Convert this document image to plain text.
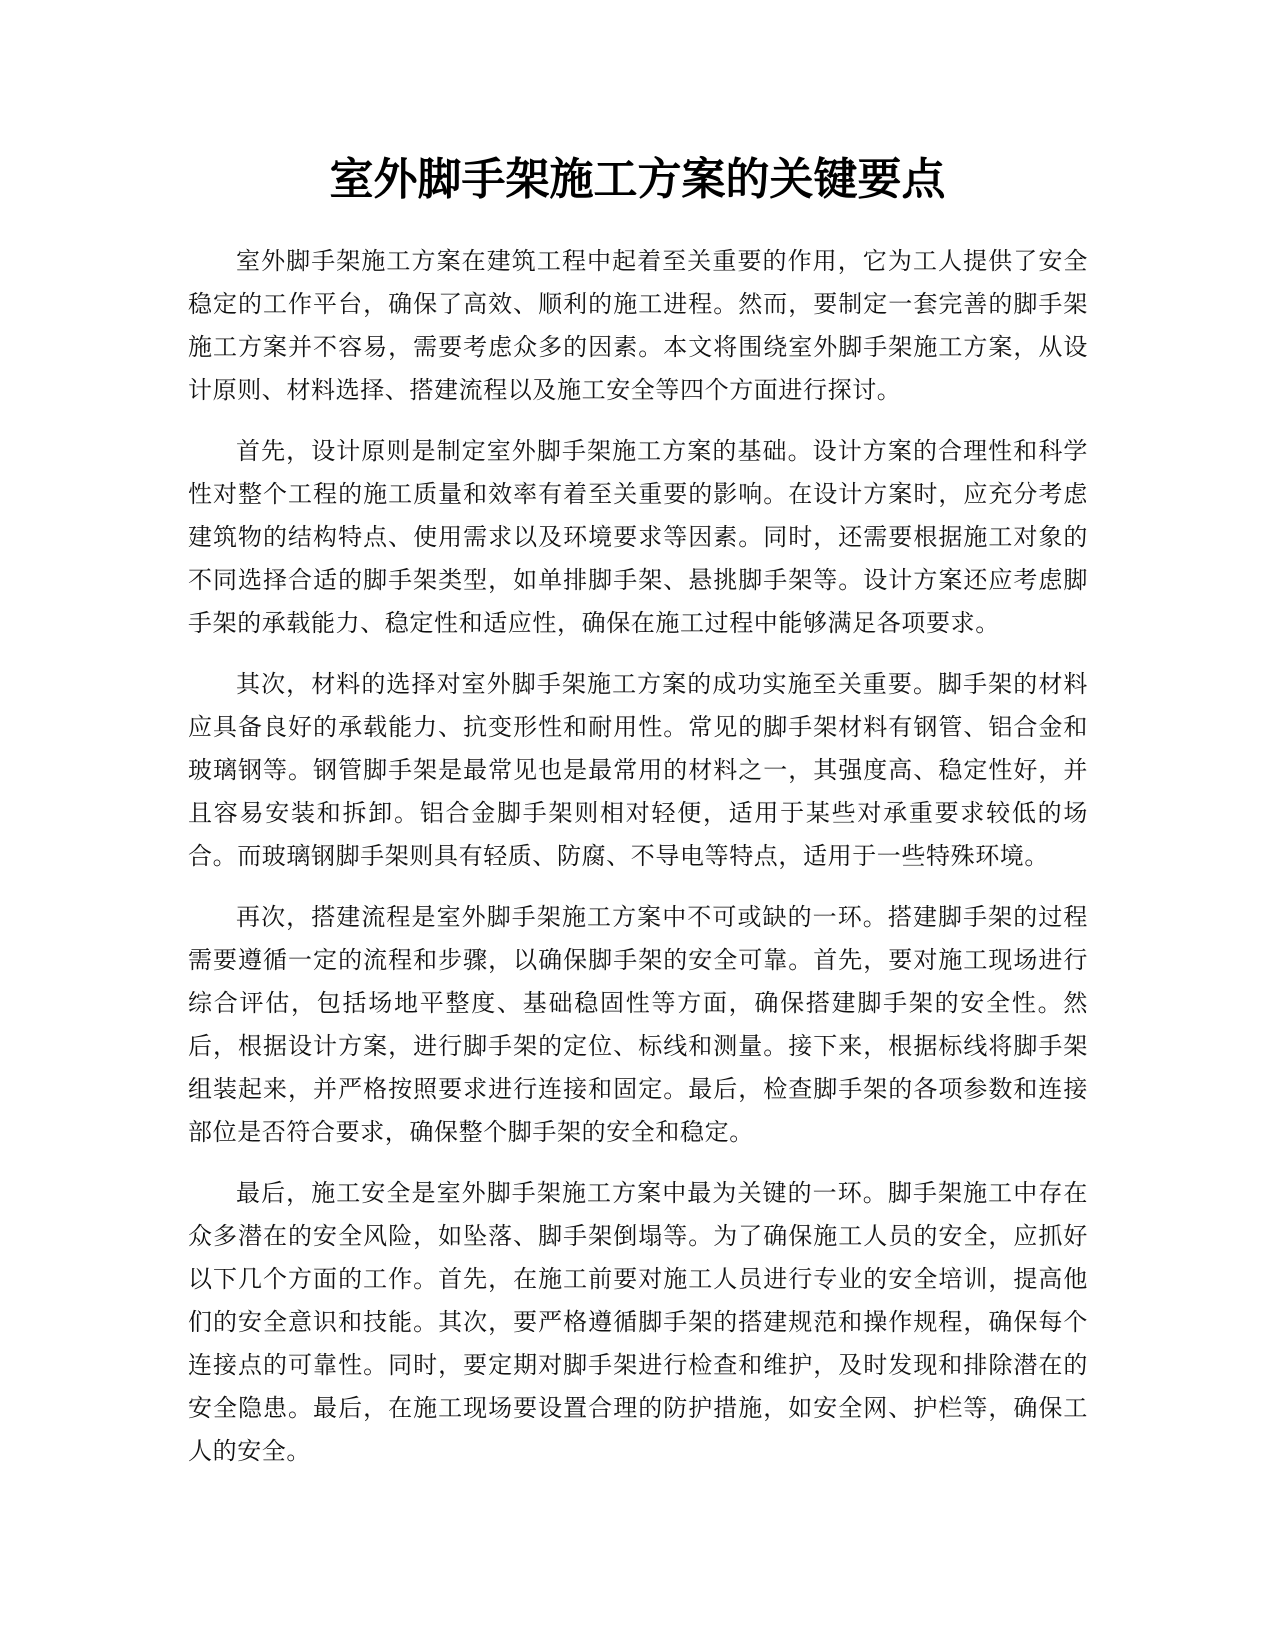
室外脚手架施工方案的关键要点

室外脚手架施工方案在建筑工程中起着至关重要的作用，它为工人提供了安全稳定的工作平台，确保了高效、顺利的施工进程。然而，要制定一套完善的脚手架施工方案并不容易，需要考虑众多的因素。本文将围绕室外脚手架施工方案，从设计原则、材料选择、搭建流程以及施工安全等四个方面进行探讨。

首先，设计原则是制定室外脚手架施工方案的基础。设计方案的合理性和科学性对整个工程的施工质量和效率有着至关重要的影响。在设计方案时，应充分考虑建筑物的结构特点、使用需求以及环境要求等因素。同时，还需要根据施工对象的不同选择合适的脚手架类型，如单排脚手架、悬挑脚手架等。设计方案还应考虑脚手架的承载能力、稳定性和适应性，确保在施工过程中能够满足各项要求。

其次，材料的选择对室外脚手架施工方案的成功实施至关重要。脚手架的材料应具备良好的承载能力、抗变形性和耐用性。常见的脚手架材料有钢管、铝合金和玻璃钢等。钢管脚手架是最常见也是最常用的材料之一，其强度高、稳定性好，并且容易安装和拆卸。铝合金脚手架则相对轻便，适用于某些对承重要求较低的场合。而玻璃钢脚手架则具有轻质、防腐、不导电等特点，适用于一些特殊环境。

再次，搭建流程是室外脚手架施工方案中不可或缺的一环。搭建脚手架的过程需要遵循一定的流程和步骤，以确保脚手架的安全可靠。首先，要对施工现场进行综合评估，包括场地平整度、基础稳固性等方面，确保搭建脚手架的安全性。然后，根据设计方案，进行脚手架的定位、标线和测量。接下来，根据标线将脚手架组装起来，并严格按照要求进行连接和固定。最后，检查脚手架的各项参数和连接部位是否符合要求，确保整个脚手架的安全和稳定。

最后，施工安全是室外脚手架施工方案中最为关键的一环。脚手架施工中存在众多潜在的安全风险，如坠落、脚手架倒塌等。为了确保施工人员的安全，应抓好以下几个方面的工作。首先，在施工前要对施工人员进行专业的安全培训，提高他们的安全意识和技能。其次，要严格遵循脚手架的搭建规范和操作规程，确保每个连接点的可靠性。同时，要定期对脚手架进行检查和维护，及时发现和排除潜在的安全隐患。最后，在施工现场要设置合理的防护措施，如安全网、护栏等，确保工人的安全。
